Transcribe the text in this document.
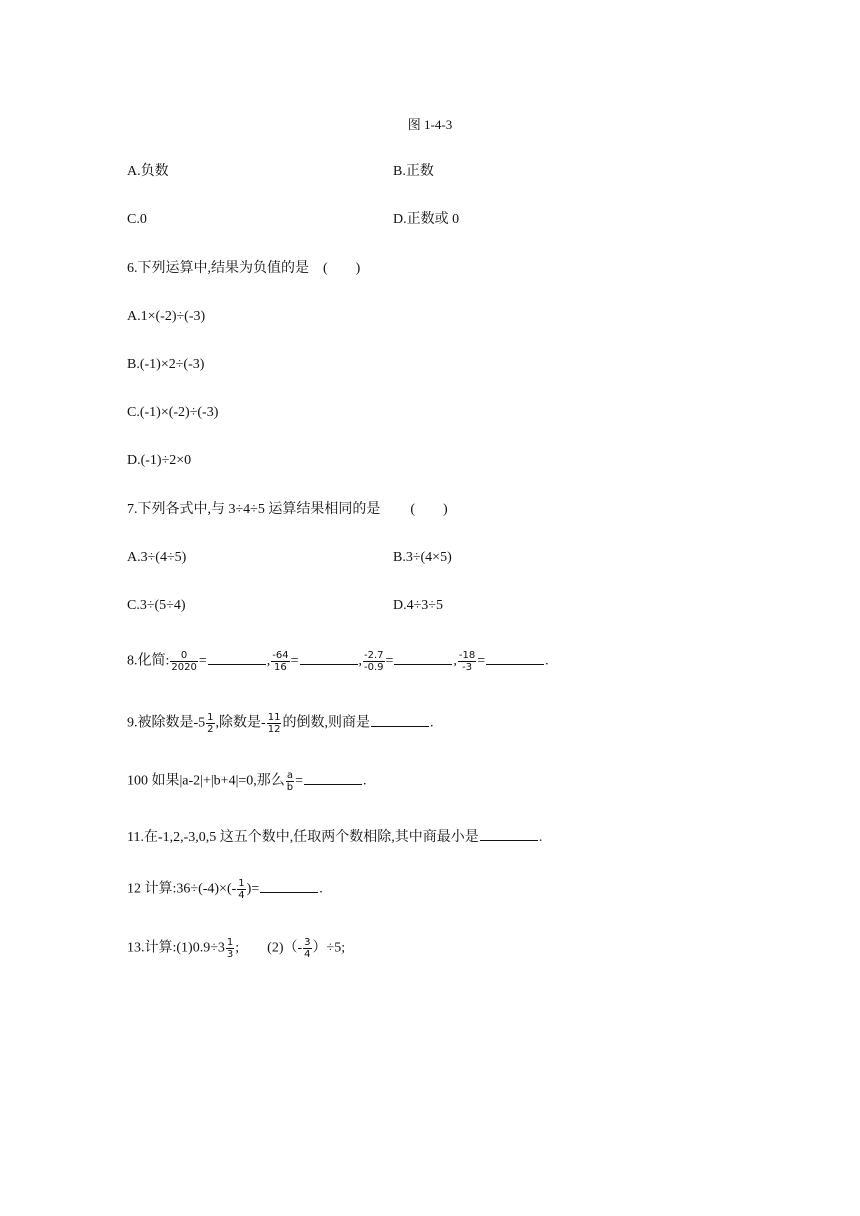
图 1-4-3
A.负数	B.正数
C.0	D.正数或 0
6.下列运算中,结果为负值的是 (        )
A.1×(-2)÷(-3)
B.(-1)×2÷(-3)
C.(-1)×(-2)÷(-3)
D.(-1)÷2×0
7.下列各式中,与 3÷4÷5 运算结果相同的是 (        )
A.3÷(4÷5)	B.3÷(4×5)
C.3÷(5÷4)	D.4÷3÷5
8.化简: $\frac{0}{2020}$ =	, $\frac{-64}{16}$ =	, $\frac{-2.7}{-0.9}$ =	, $\frac{-18}{-3}$ =	.
9.被除数是$-5 \frac{1}{2}$ ,除数是- $\frac{11}{12}$ 的倒数,则商是	.
100 如果|a-2|+|b+4|=0,那么 $\frac{a}{b}$ =	.
11.在-1,2,-3,0,5 这五个数中,任取两个数相除,其中商最小是	.
12 计算:36÷(-4)×(- $\frac{1}{4}$ )=	.
13.计算:(1)0.9÷3 $\frac{1}{3}$ ; $(2)(- \frac{3}{4} )\div 5$;
